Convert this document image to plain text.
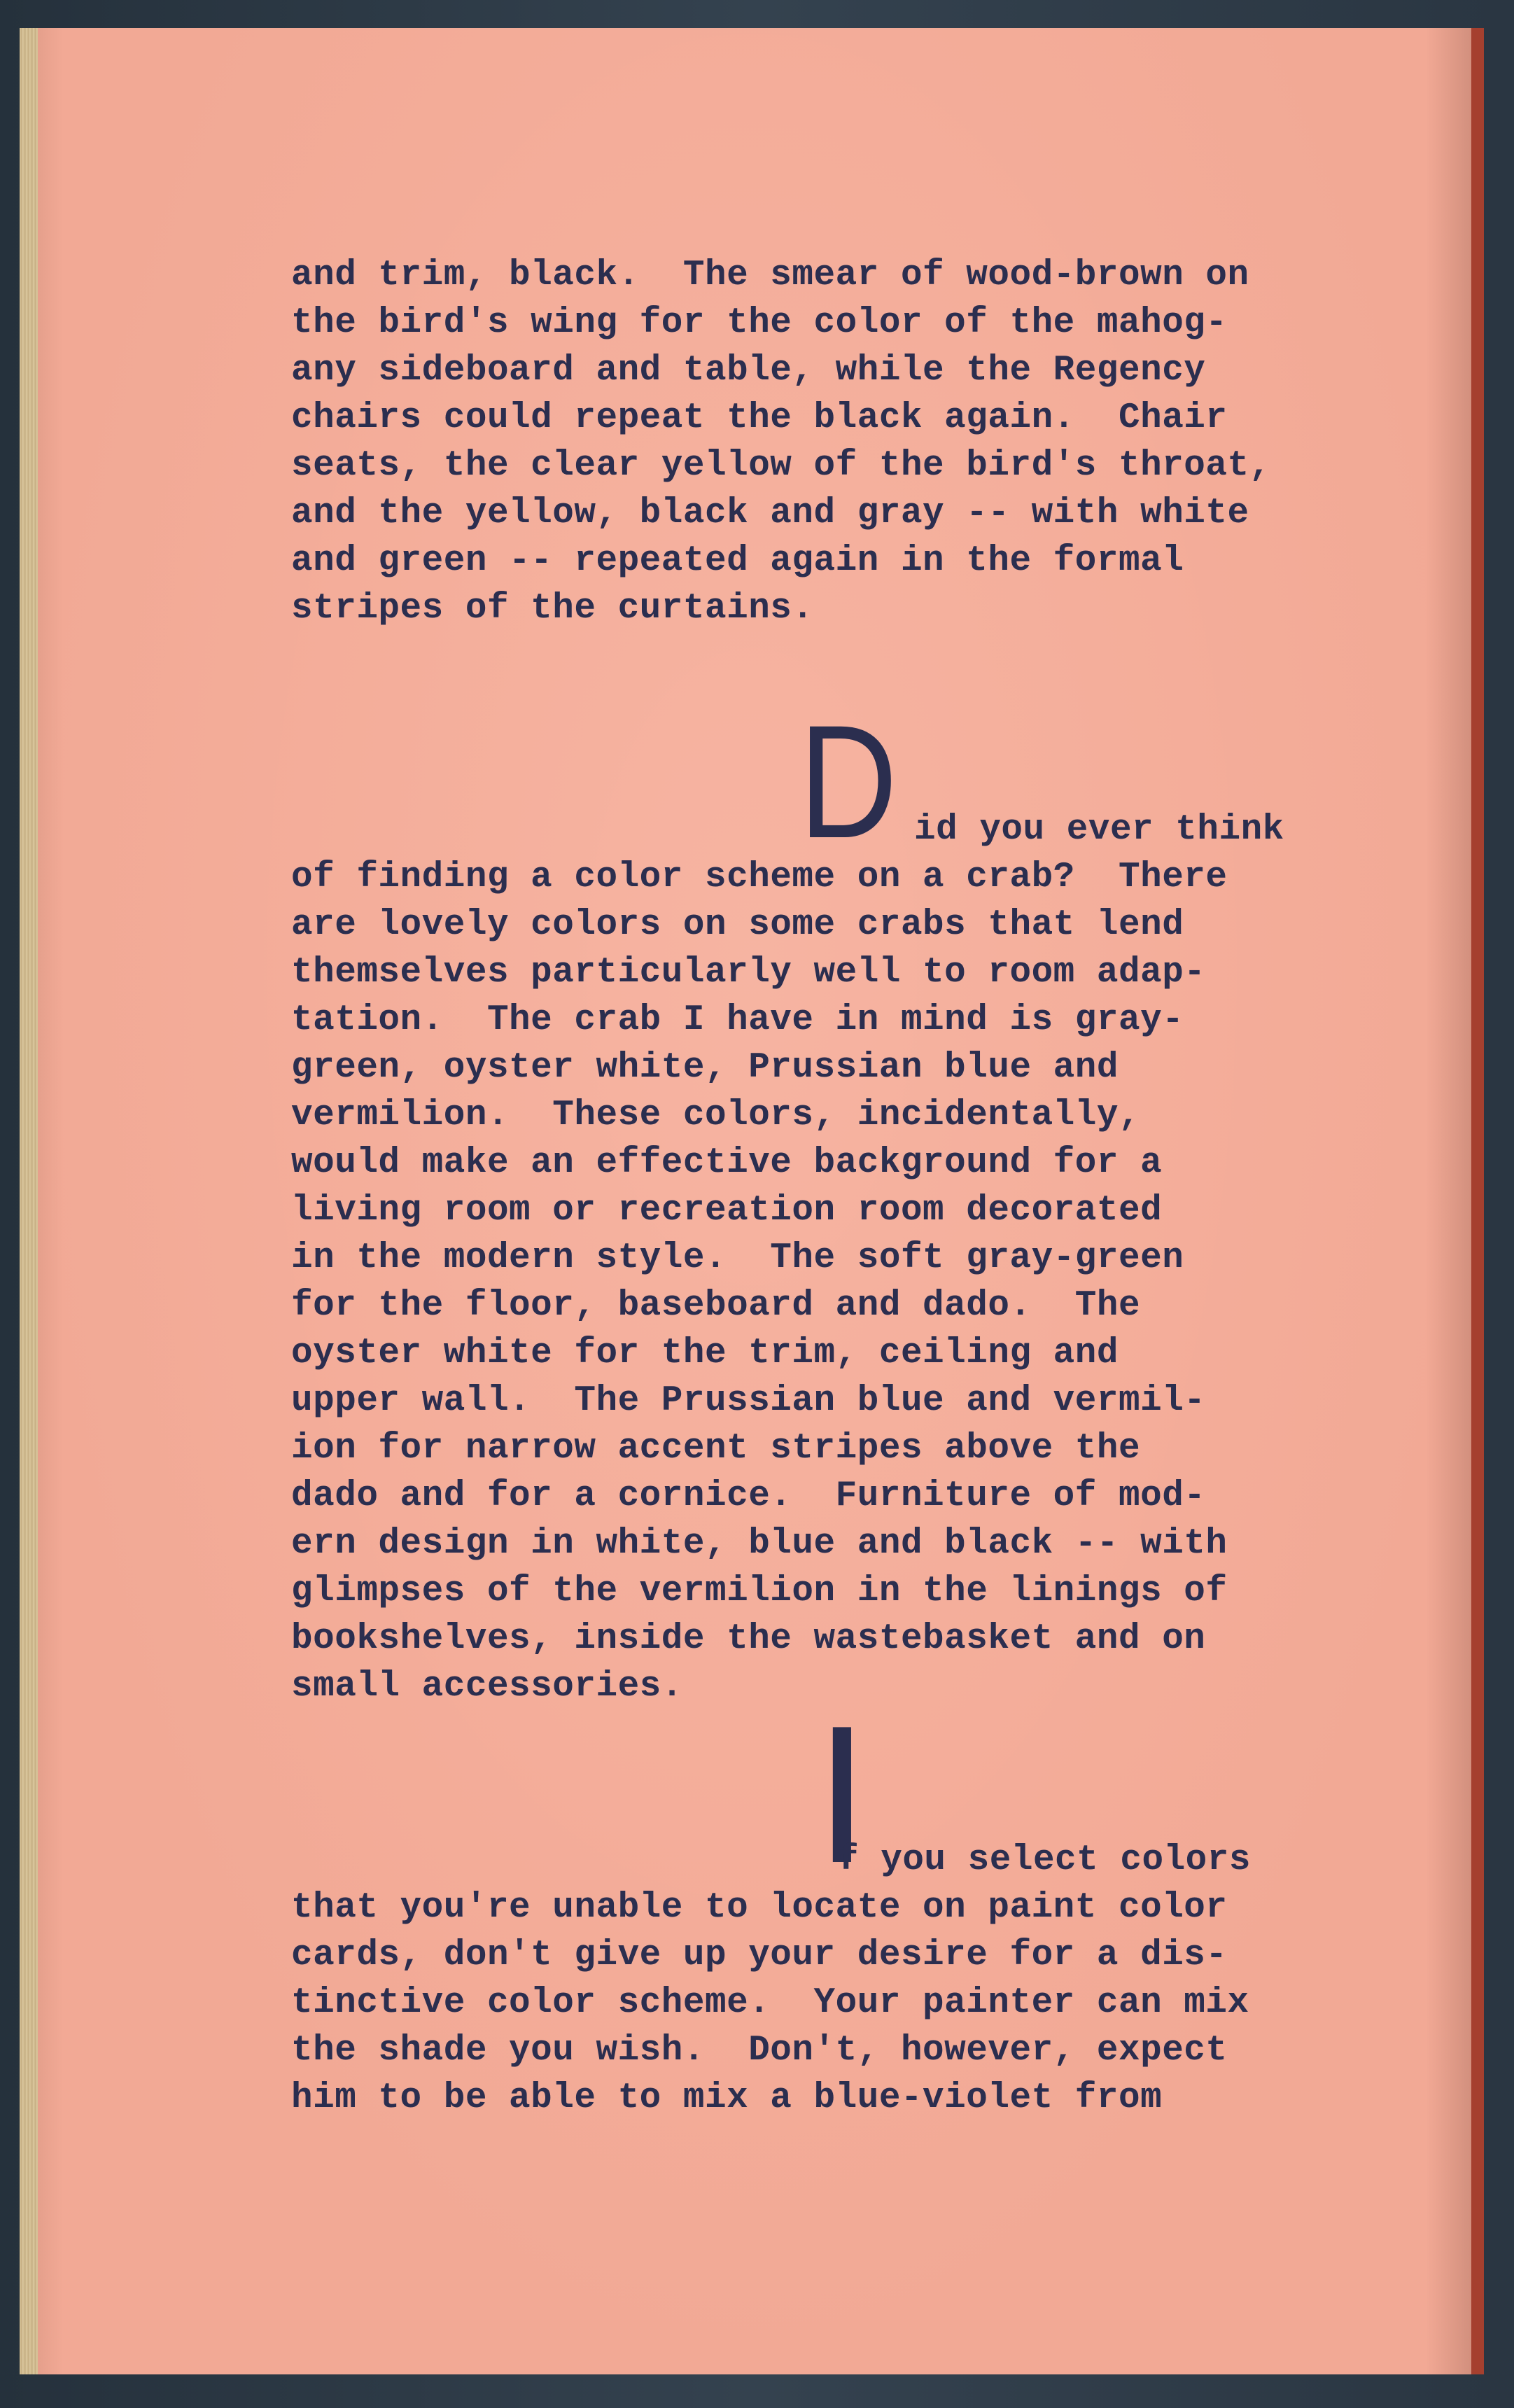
and trim, black.  The smear of wood-brown on
the bird's wing for the color of the mahog-
any sideboard and table, while the Regency
chairs could repeat the black again.  Chair
seats, the clear yellow of the bird's throat,
and the yellow, black and gray -- with white
and green -- repeated again in the formal
stripes of the curtains.

D

id you ever think

of finding a color scheme on a crab?  There
are lovely colors on some crabs that lend
themselves particularly well to room adap-
tation.  The crab I have in mind is gray-
green, oyster white, Prussian blue and
vermilion.  These colors, incidentally,
would make an effective background for a
living room or recreation room decorated
in the modern style.  The soft gray-green
for the floor, baseboard and dado.  The
oyster white for the trim, ceiling and
upper wall.  The Prussian blue and vermil-
ion for narrow accent stripes above the
dado and for a cornice.  Furniture of mod-
ern design in white, blue and black -- with
glimpses of the vermilion in the linings of
bookshelves, inside the wastebasket and on
small accessories.

I

f you select colors

that you're unable to locate on paint color
cards, don't give up your desire for a dis-
tinctive color scheme.  Your painter can mix
the shade you wish.  Don't, however, expect
him to be able to mix a blue-violet from
